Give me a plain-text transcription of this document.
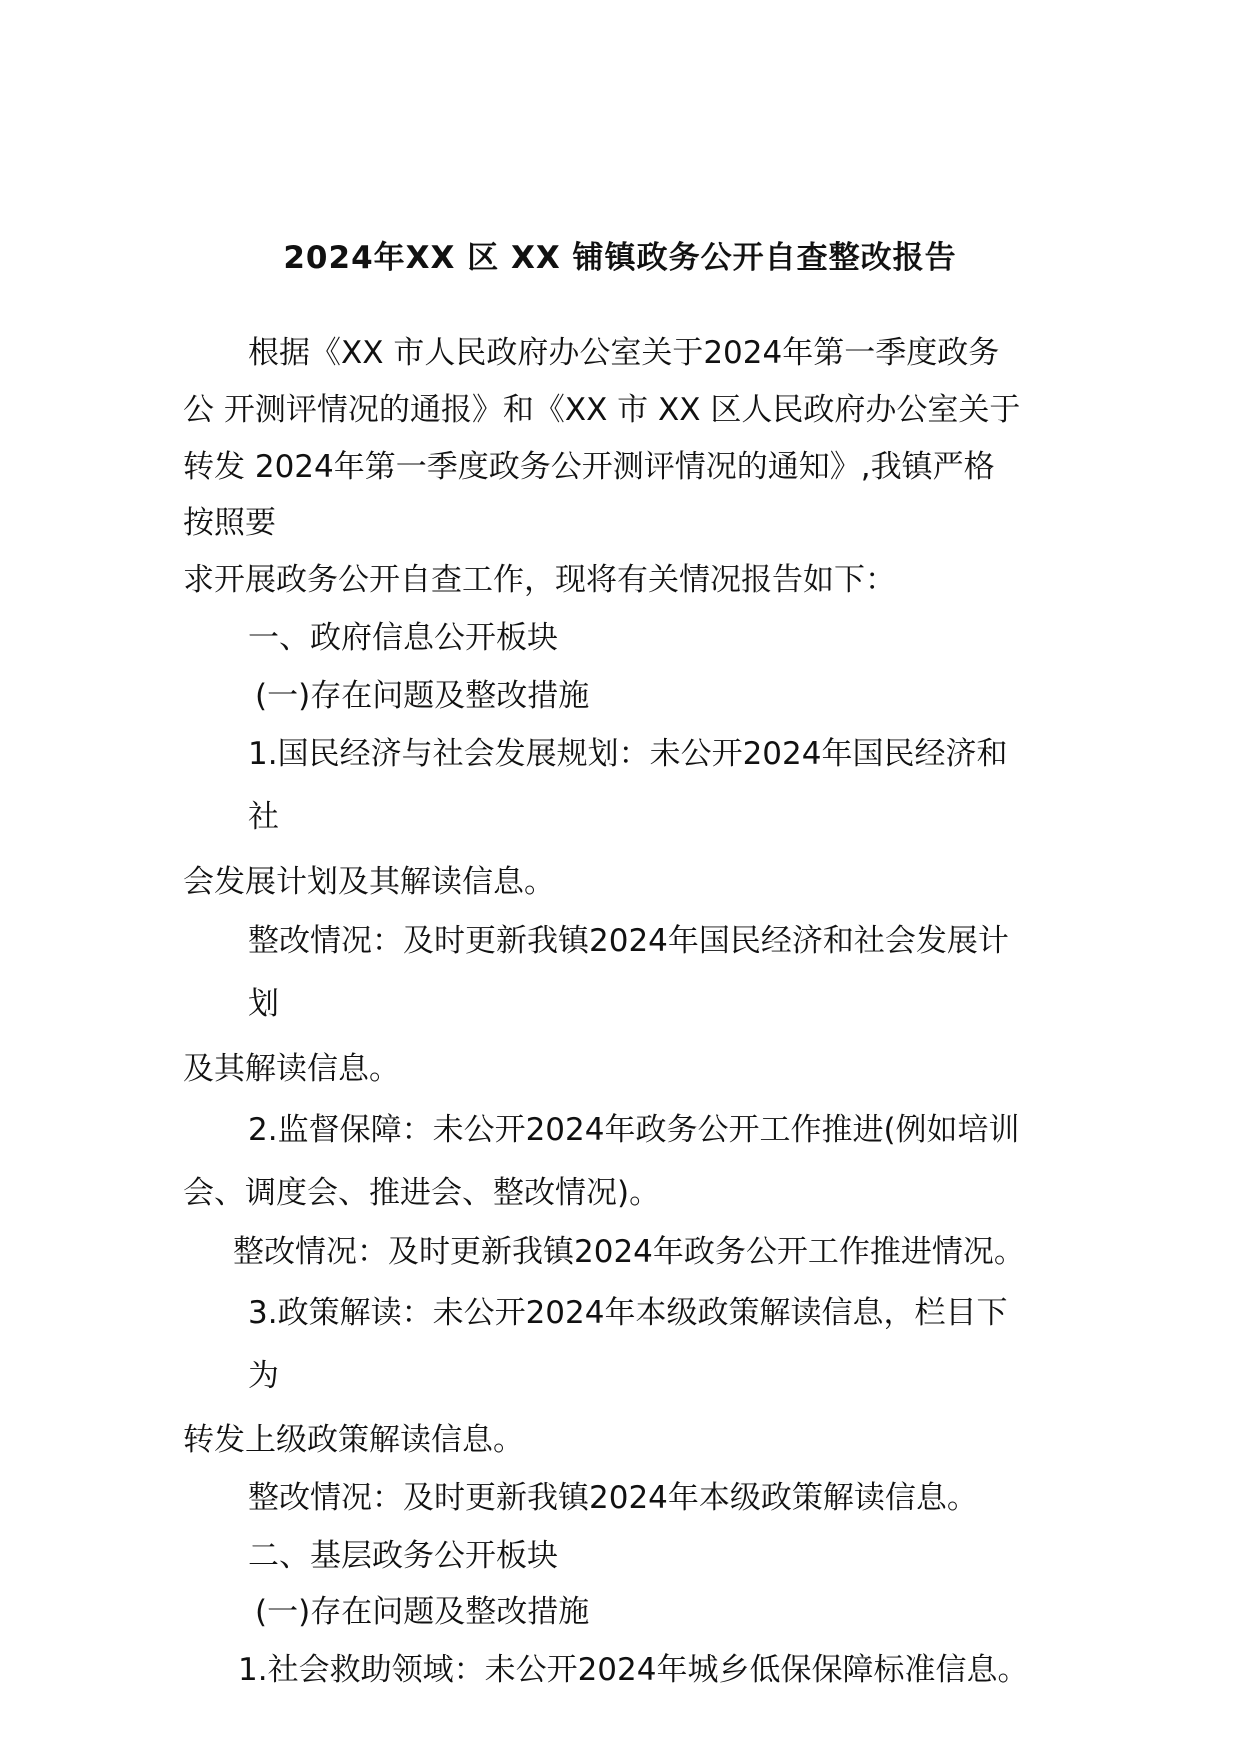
2024年XX 区 XX 铺镇政务公开自查整改报告
根据《XX 市人民政府办公室关于2024年第一季度政务
公 开测评情况的通报》和《XX 市 XX 区人民政府办公室关于
转发 2024年第一季度政务公开测评情况的通知》,我镇严格
按照要
求开展政务公开自查工作，现将有关情况报告如下：
一、政府信息公开板块
(一)存在问题及整改措施
1.国民经济与社会发展规划：未公开2024年国民经济和
社
会发展计划及其解读信息。
整改情况：及时更新我镇2024年国民经济和社会发展计
划
及其解读信息。
2.监督保障：未公开2024年政务公开工作推进(例如培训
会、调度会、推进会、整改情况)。
整改情况：及时更新我镇2024年政务公开工作推进情况。
3.政策解读：未公开2024年本级政策解读信息，栏目下
为
转发上级政策解读信息。
整改情况：及时更新我镇2024年本级政策解读信息。
二、基层政务公开板块
(一)存在问题及整改措施
1.社会救助领域：未公开2024年城乡低保保障标准信息。
